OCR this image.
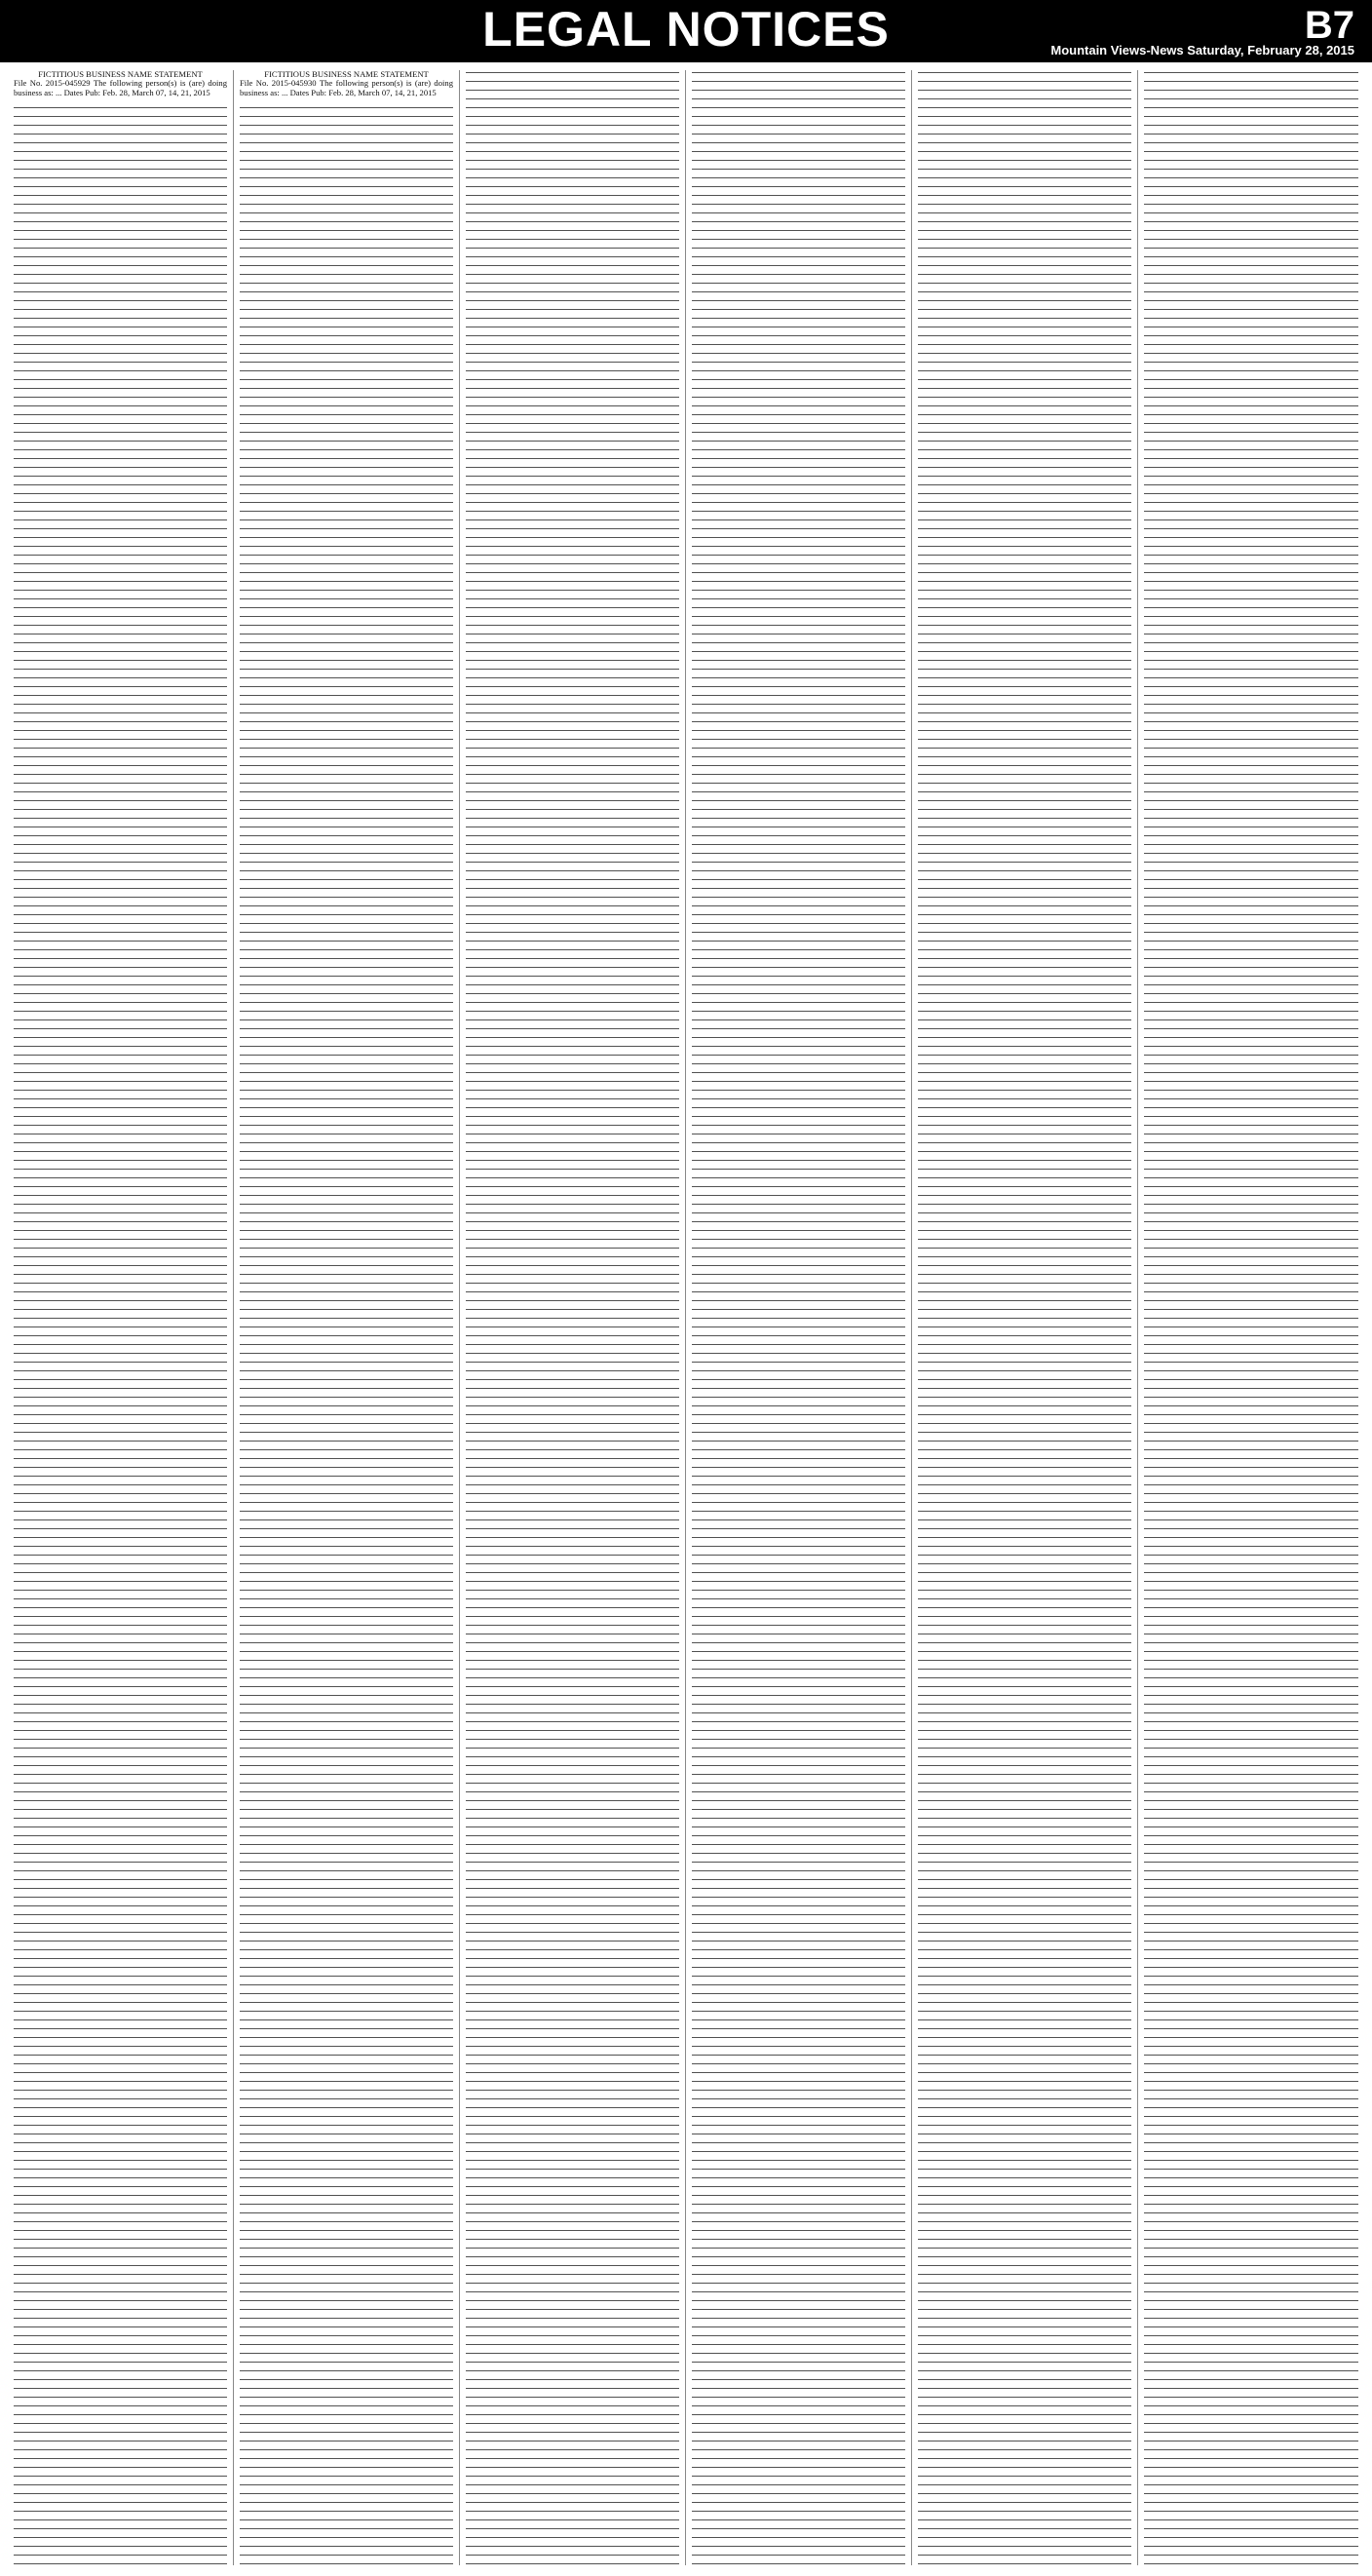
LEGAL NOTICES	B7
Mountain Views-News Saturday, February 28, 2015
FICTITIOUS BUSINESS NAME STATEMENT
File No. 2015-045929 The following person(s) is (are) doing business as: ... Dates Pub: Feb. 28, March 07, 14, 21, 2015
FICTITIOUS BUSINESS NAME STATEMENT
File No. 2015-045930 The following person(s) is (are) doing business as: ... Dates Pub: Feb. 28, March 07, 14, 21, 2015
